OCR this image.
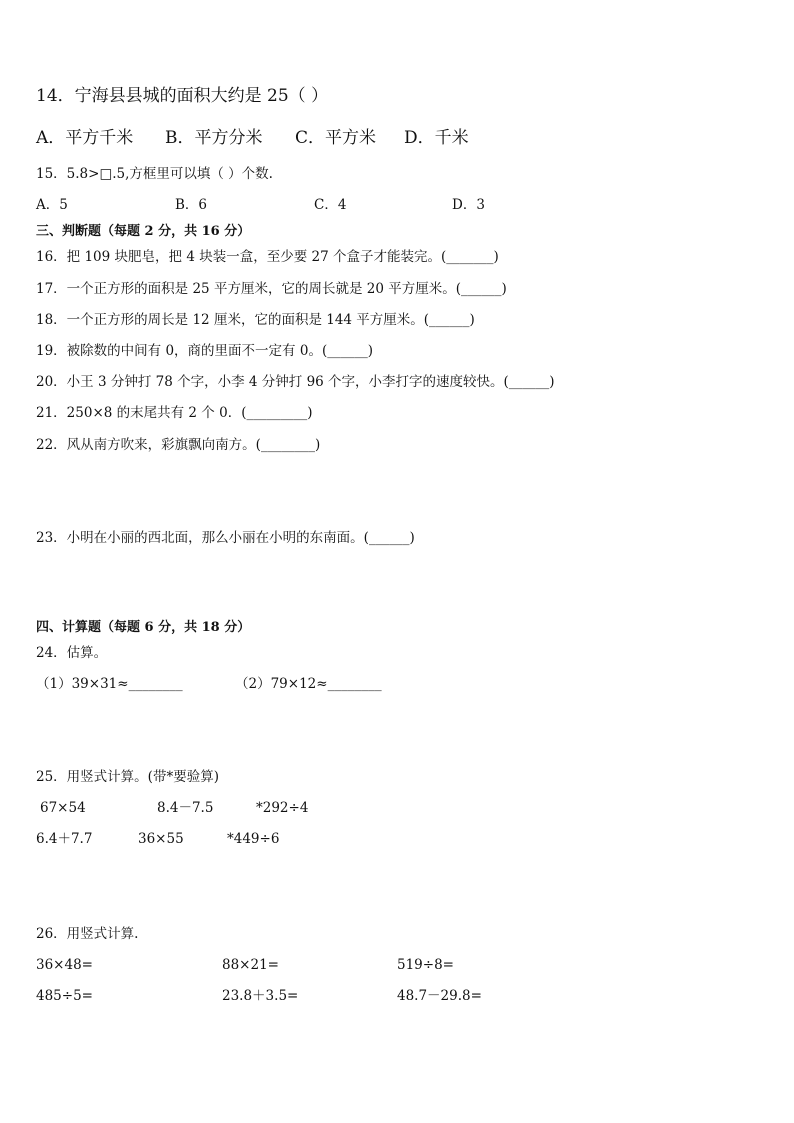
14．宁海县县城的面积大约是 25（ ）
A．平方千米 B．平方分米 C．平方米 D．千米
15．5.8>□.5,方框里可以填（ ）个数.
A．5	B．6	C．4	D．3
三、判断题（每题 2 分，共 16 分）
16．把 109 块肥皂，把 4 块装一盒，至少要 27 个盒子才能装完。(_______)
17．一个正方形的面积是 25 平方厘米，它的周长就是 20 平方厘米。(______)
18．一个正方形的周长是 12 厘米，它的面积是 144 平方厘米。(______)
19．被除数的中间有 0，商的里面不一定有 0。(______)
20．小王 3 分钟打 78 个字，小李 4 分钟打 96 个字，小李打字的速度较快。(______)
21．250×8 的末尾共有 2 个 0．(_________)
22．风从南方吹来，彩旗飘向南方。(________)
23．小明在小丽的西北面，那么小丽在小明的东南面。(______)
四、计算题（每题 6 分，共 18 分）
24．估算。
（1）39×31≈________	（2）79×12≈________
25．用竖式计算。(带*要验算)
67×54	8.4－7.5	*292÷4
6.4＋7.7	36×55	*449÷6
26．用竖式计算.
36×48=	88×21=	519÷8=
485÷5=	23.8＋3.5=	48.7－29.8=
